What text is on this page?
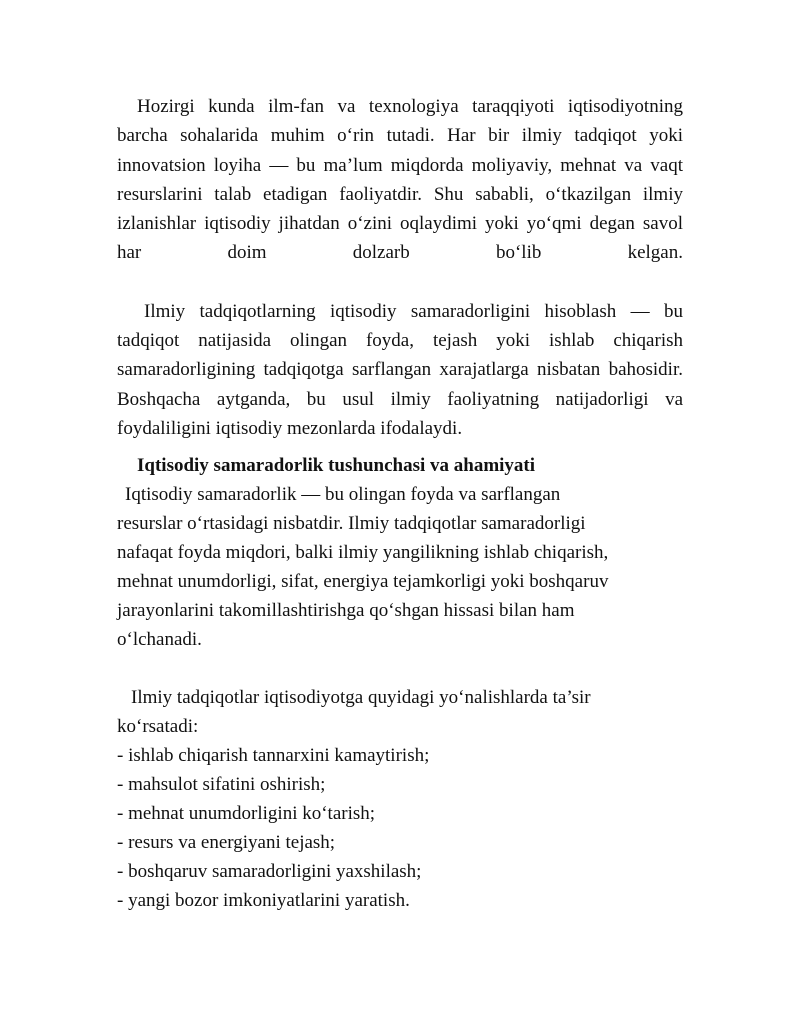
Hozirgi kunda ilm-fan va texnologiya taraqqiyoti iqtisodiyotning barcha sohalarida muhim o‘rin tutadi. Har bir ilmiy tadqiqot yoki innovatsion loyiha — bu ma’lum miqdorda moliyaviy, mehnat va vaqt resurslarini talab etadigan faoliyatdir. Shu sababli, o‘tkazilgan ilmiy izlanishlar iqtisodiy jihatdan o‘zini oqlaydimi yoki yo‘qmi degan savol har doim dolzarb bo‘lib kelgan.

Ilmiy tadqiqotlarning iqtisodiy samaradorligini hisoblash — bu tadqiqot natijasida olingan foyda, tejash yoki ishlab chiqarish samaradorligining tadqiqotga sarflangan xarajatlarga nisbatan bahosidir. Boshqacha aytganda, bu usul ilmiy faoliyatning natijadorligi va foydaliligini iqtisodiy mezonlarda ifodalaydi.

Iqtisodiy samaradorlik tushunchasi va ahamiyati

Iqtisodiy samaradorlik — bu olingan foyda va sarflangan

resurslar o‘rtasidagi nisbatdir. Ilmiy tadqiqotlar samaradorligi

nafaqat foyda miqdori, balki ilmiy yangilikning ishlab chiqarish,

mehnat unumdorligi, sifat, energiya tejamkorligi yoki boshqaruv

jarayonlarini takomillashtirishga qo‘shgan hissasi bilan ham

o‘lchanadi.

Ilmiy tadqiqotlar iqtisodiyotga quyidagi yo‘nalishlarda ta’sir

ko‘rsatadi:

- ishlab chiqarish tannarxini kamaytirish;
- mahsulot sifatini oshirish;
- mehnat unumdorligini ko‘tarish;
- resurs va energiyani tejash;
- boshqaruv samaradorligini yaxshilash;
- yangi bozor imkoniyatlarini yaratish.
